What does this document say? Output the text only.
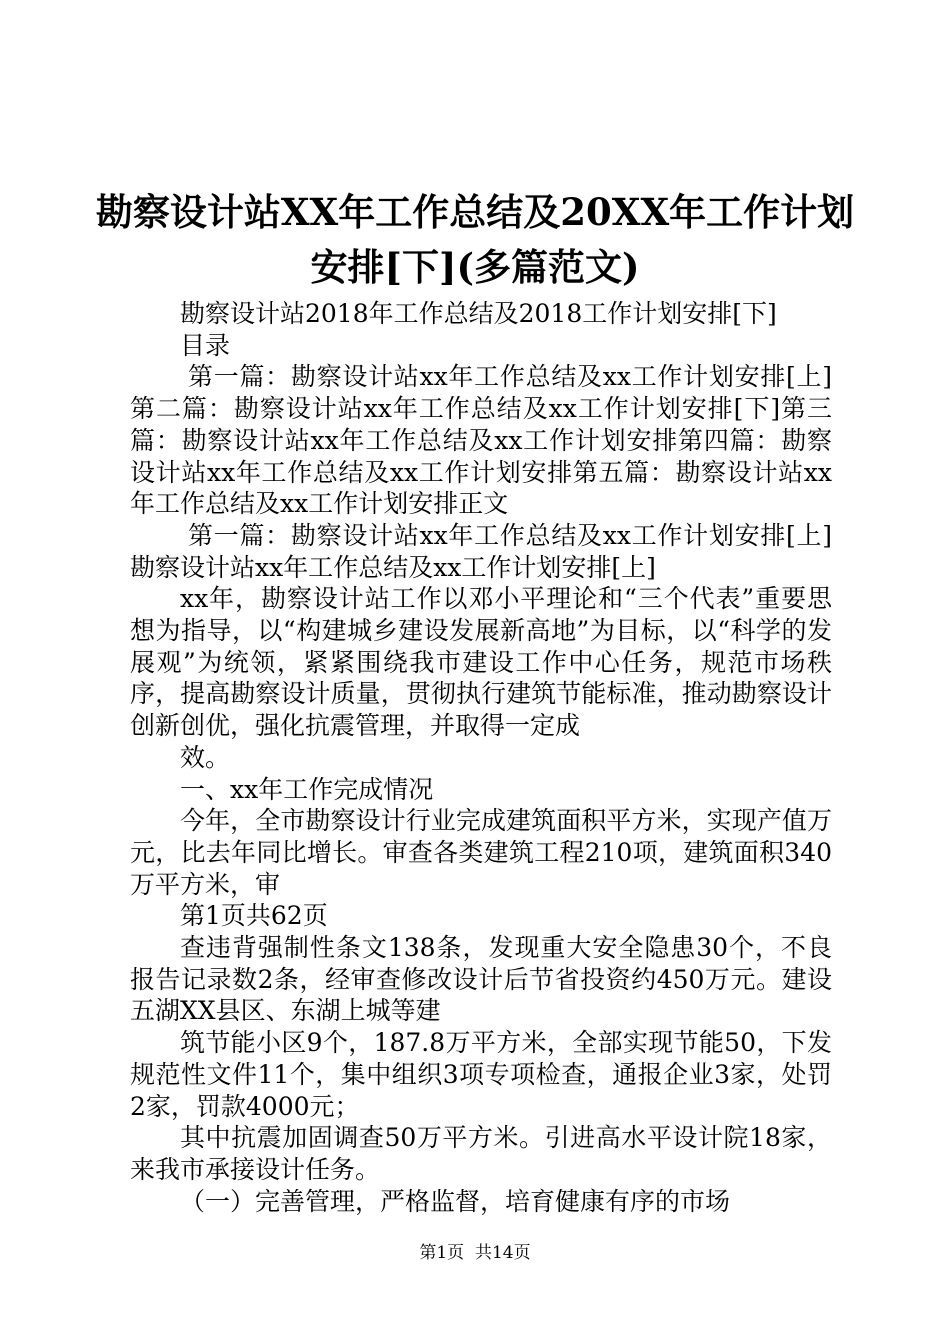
勘察设计站XX年工作总结及20XX年工作计划
安排[下](多篇范文)

勘察设计站2018年工作总结及2018工作计划安排[下]

目录

第一篇：勘察设计站xx年工作总结及xx工作计划安排[上]第二篇：勘察设计站xx年工作总结及xx工作计划安排[下]第三篇：勘察设计站xx年工作总结及xx工作计划安排第四篇：勘察设计站xx年工作总结及xx工作计划安排第五篇：勘察设计站xx年工作总结及xx工作计划安排正文

第一篇：勘察设计站xx年工作总结及xx工作计划安排[上]勘察设计站xx年工作总结及xx工作计划安排[上]

xx年，勘察设计站工作以邓小平理论和“三个代表”重要思想为指导，以“构建城乡建设发展新高地”为目标，以“科学的发展观”为统领，紧紧围绕我市建设工作中心任务，规范市场秩序，提高勘察设计质量，贯彻执行建筑节能标准，推动勘察设计创新创优，强化抗震管理，并取得一定成

效。

一、xx年工作完成情况

今年，全市勘察设计行业完成建筑面积平方米，实现产值万元，比去年同比增长。审查各类建筑工程210项，建筑面积340万平方米，审

第1页共62页

查违背强制性条文138条，发现重大安全隐患30个，不良报告记录数2条，经审查修改设计后节省投资约450万元。建设五湖XX县区、东湖上城等建

筑节能小区9个，187.8万平方米，全部实现节能50，下发规范性文件11个，集中组织3项专项检查，通报企业3家，处罚2家，罚款4000元；

其中抗震加固调查50万平方米。引进高水平设计院18家，来我市承接设计任务。

（一）完善管理，严格监督，培育健康有序的市场

第1页  共14页
